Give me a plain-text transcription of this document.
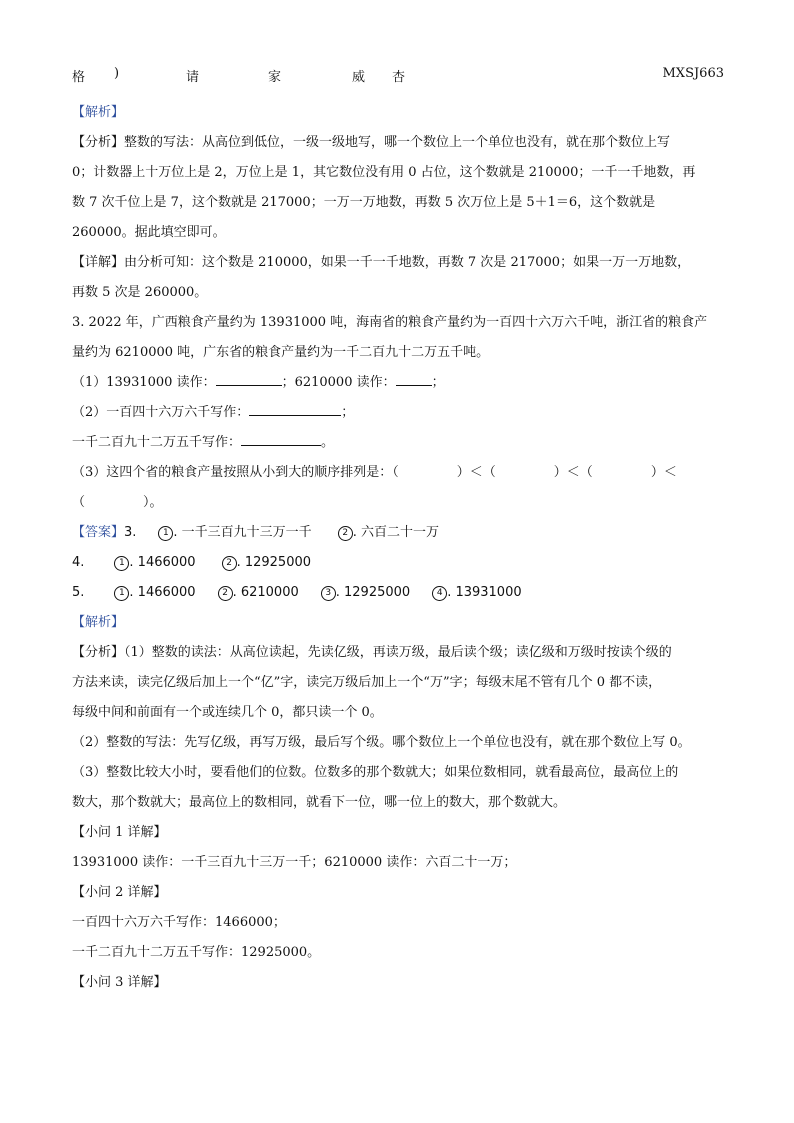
格 )	请	家	威 杏	MXSJ663
【解析】
【分析】整数的写法：从高位到低位，一级一级地写，哪一个数位上一个单位也没有，就在那个数位上写
0；计数器上十万位上是 2，万位上是 1，其它数位没有用 0 占位，这个数就是 210000；一千一千地数，再
数 7 次千位上是 7，这个数就是 217000；一万一万地数，再数 5 次万位上是 5＋1＝6，这个数就是
260000。据此填空即可。
【详解】由分析可知：这个数是 210000，如果一千一千地数，再数 7 次是 217000；如果一万一万地数，
再数 5 次是 260000。
3. 2022 年，广西粮食产量约为 13931000 吨，海南省的粮食产量约为一百四十六万六千吨，浙江省的粮食产
量约为 6210000 吨，广东省的粮食产量约为一千二百九十二万五千吨。
（1）13931000 读作：	；6210000 读作：	；
（2）一百四十六万六千写作：	；
一千二百九十二万五千写作：	。
（3）这四个省的粮食产量按照从小到大的顺序排列是：（	）＜（	）＜（	）＜
（	）。
【答案】3.	1 . 一千三百九十三万一千	2 . 六百二十一万
4.	1 . 1466000	2 . 12925000
5.	1 . 1466000	2 . 6210000	3 . 12925000	4 . 13931000
【解析】
【分析】（1）整数的读法：从高位读起，先读亿级，再读万级，最后读个级；读亿级和万级时按读个级的
方法来读，读完亿级后加上一个“亿”字，读完万级后加上一个“万”字；每级末尾不管有几个 0 都不读，
每级中间和前面有一个或连续几个 0，都只读一个 0。
（2）整数的写法：先写亿级，再写万级，最后写个级。哪个数位上一个单位也没有，就在那个数位上写 0。
（3）整数比较大小时，要看他们的位数。位数多的那个数就大；如果位数相同，就看最高位，最高位上的
数大，那个数就大；最高位上的数相同，就看下一位，哪一位上的数大，那个数就大。
【小问 1 详解】
13931000 读作：一千三百九十三万一千；6210000 读作：六百二十一万；
【小问 2 详解】
一百四十六万六千写作：1466000；
一千二百九十二万五千写作：12925000。
【小问 3 详解】
